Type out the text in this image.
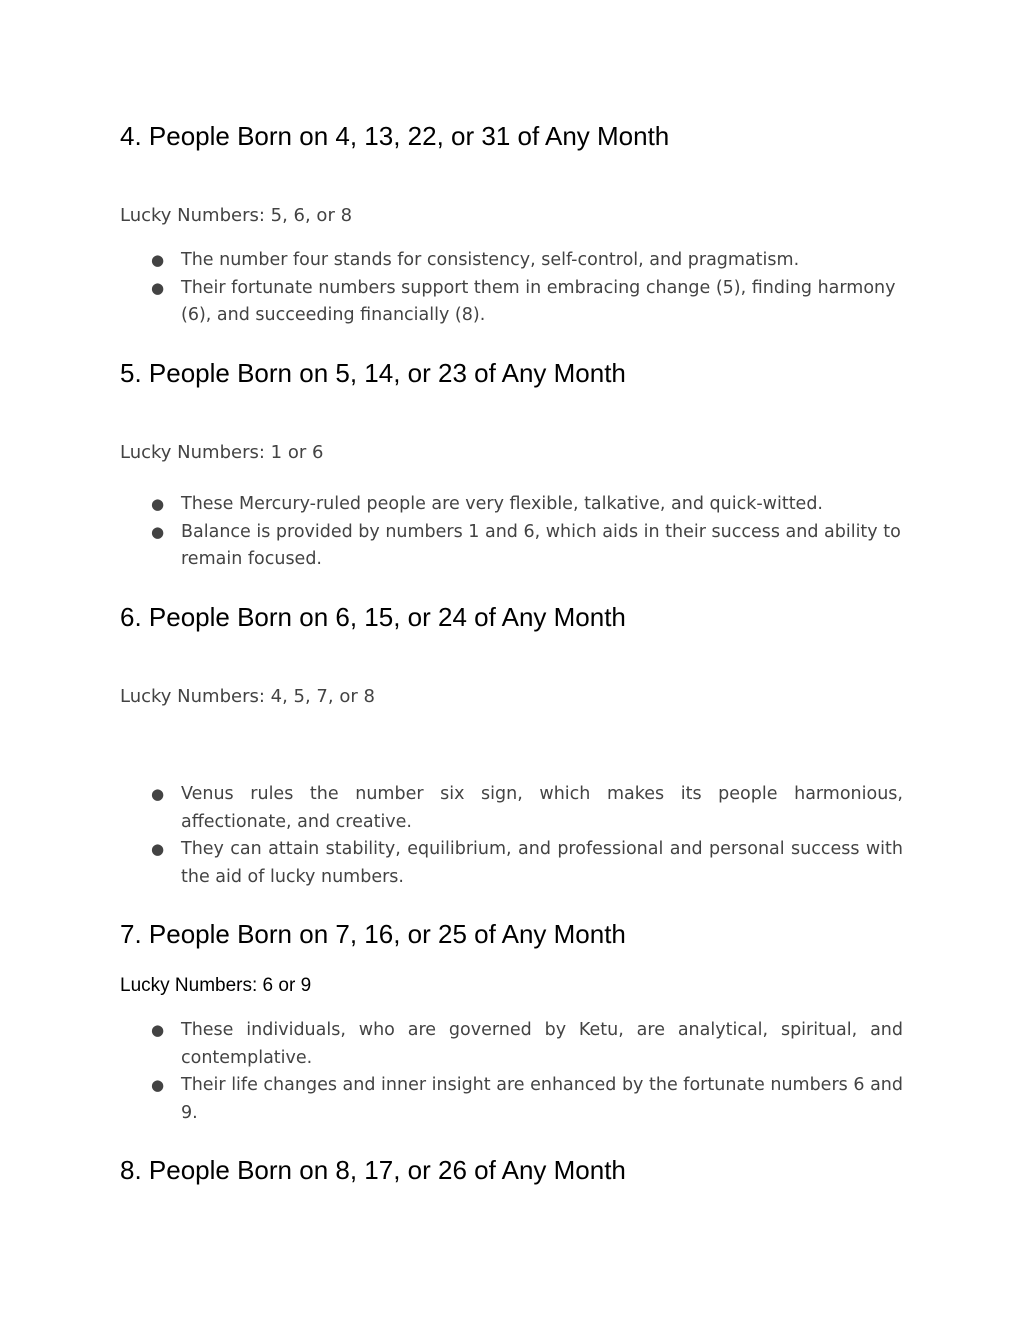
4. People Born on 4, 13, 22, or 31 of Any Month

Lucky Numbers: 5, 6, or 8

● The number four stands for consistency, self-control, and pragmatism.
● Their fortunate numbers support them in embracing change (5), finding harmony (6), and succeeding financially (8).
5. People Born on 5, 14, or 23 of Any Month

Lucky Numbers: 1 or 6

● These Mercury-ruled people are very flexible, talkative, and quick-witted.
● Balance is provided by numbers 1 and 6, which aids in their success and ability to remain focused.
6. People Born on 6, 15, or 24 of Any Month

Lucky Numbers: 4, 5, 7, or 8

● Venus rules the number six sign, which makes its people harmonious, affectionate, and creative.
● They can attain stability, equilibrium, and professional and personal success with the aid of lucky numbers.
7. People Born on 7, 16, or 25 of Any Month

Lucky Numbers: 6 or 9

● These individuals, who are governed by Ketu, are analytical, spiritual, and contemplative.
● Their life changes and inner insight are enhanced by the fortunate numbers 6 and 9.
8. People Born on 8, 17, or 26 of Any Month
